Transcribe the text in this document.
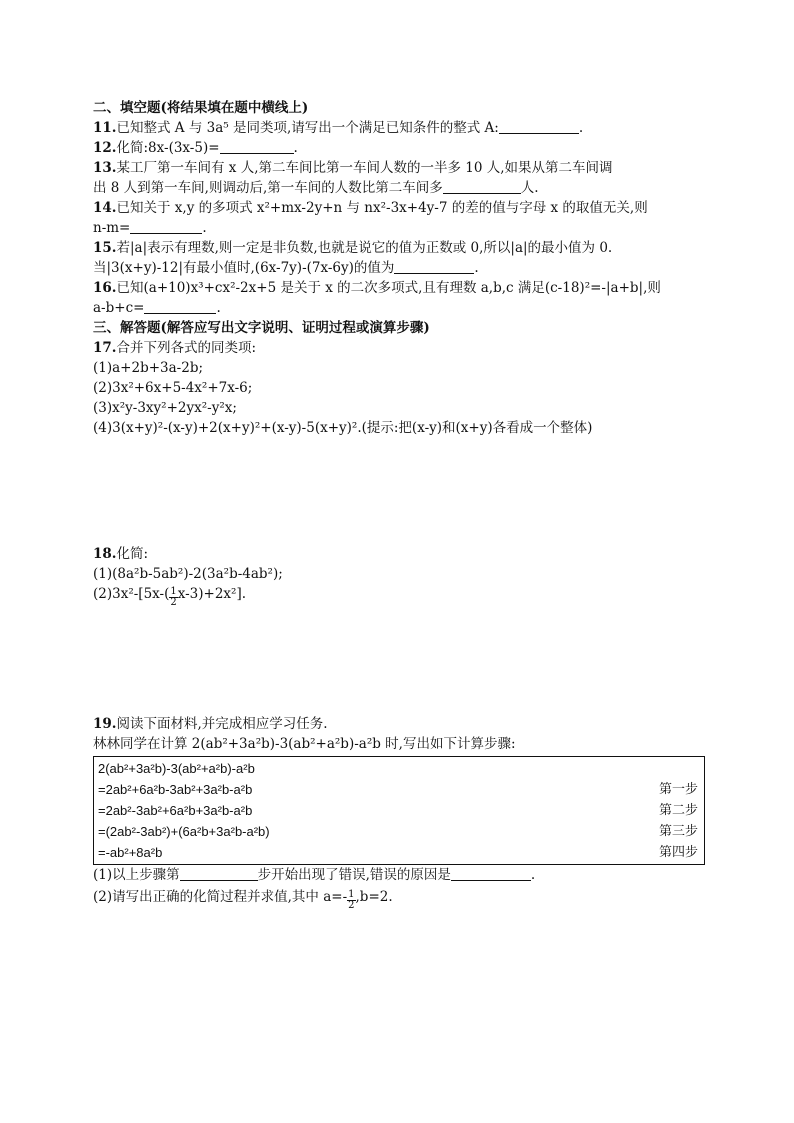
二、填空题(将结果填在题中横线上)
11.已知整式 A 与 3a⁵ 是同类项,请写出一个满足已知条件的整式 A:	.
12.化简:8x-(3x-5)=	.
13.某工厂第一车间有 x 人,第二车间比第一车间人数的一半多 10 人,如果从第二车间调
出 8 人到第一车间,则调动后,第一车间的人数比第二车间多	人.
14.已知关于 x,y 的多项式 x²+mx-2y+n 与 nx²-3x+4y-7 的差的值与字母 x 的取值无关,则
n-m=	.
15.若|a|表示有理数,则一定是非负数,也就是说它的值为正数或 0,所以|a|的最小值为 0.
当|3(x+y)-12|有最小值时,(6x-7y)-(7x-6y)的值为	.
16.已知(a+10)x³+cx²-2x+5 是关于 x 的二次多项式,且有理数 a,b,c 满足(c-18)²=-|a+b|,则
a-b+c=	.
三、解答题(解答应写出文字说明、证明过程或演算步骤)
17.合并下列各式的同类项:
(1)a+2b+3a-2b;
(2)3x²+6x+5-4x²+7x-6;
(3)x²y-3xy²+2yx²-y²x;
(4)3(x+y)²-(x-y)+2(x+y)²+(x-y)-5(x+y)².(提示:把(x-y)和(x+y)各看成一个整体)
18.化简:
(1)(8a²b-5ab²)-2(3a²b-4ab²);
$(2)3x^2-[5x-( \frac{1}{2} x-3)+2x^2]$.
19.阅读下面材料,并完成相应学习任务.
林林同学在计算 2(ab²+3a²b)-3(ab²+a²b)-a²b 时,写出如下计算步骤:
2(ab²+3a²b)-3(ab²+a²b)-a²b
=2ab²+6a²b-3ab²+3a²b-a²b	第一步
=2ab²-3ab²+6a²b+3a²b-a²b	第二步
=(2ab²-3ab²)+(6a²b+3a²b-a²b)	第三步
=-ab²+8a²b	第四步
(1)以上步骤第	步开始出现了错误,错误的原因是	.
(2)请写出正确的化简过程并求值,其中 $a=- \frac{1}{2} ,b=2$.
